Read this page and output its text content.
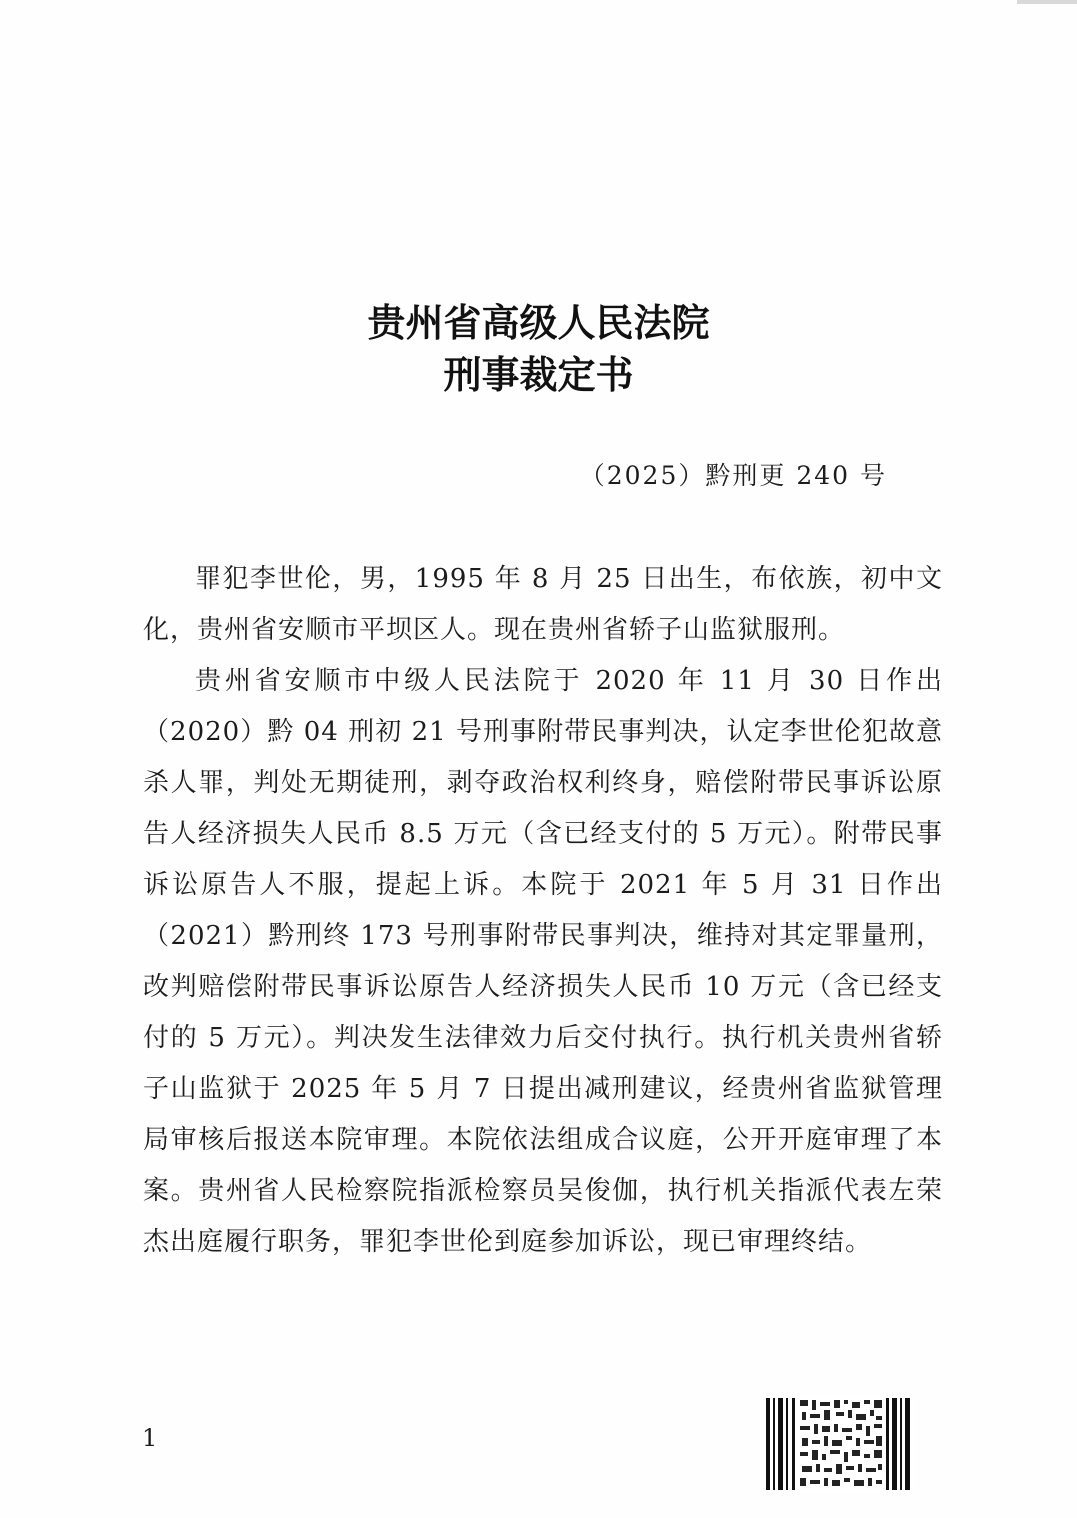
贵州省高级人民法院
刑事裁定书
（2025）黔刑更 240 号

罪犯李世伦，男，1995 年 8 月 25 日出生，布依族，初中文化，贵州省安顺市平坝区人。现在贵州省轿子山监狱服刑。

贵州省安顺市中级人民法院于 2020 年 11 月 30 日作出（2020）黔 04 刑初 21 号刑事附带民事判决，认定李世伦犯故意杀人罪，判处无期徒刑，剥夺政治权利终身，赔偿附带民事诉讼原告人经济损失人民币 8.5 万元（含已经支付的 5 万元）。附带民事诉讼原告人不服，提起上诉。本院于 2021 年 5 月 31 日作出（2021）黔刑终 173 号刑事附带民事判决，维持对其定罪量刑，改判赔偿附带民事诉讼原告人经济损失人民币 10 万元（含已经支付的 5 万元）。判决发生法律效力后交付执行。执行机关贵州省轿子山监狱于 2025 年 5 月 7 日提出减刑建议，经贵州省监狱管理局审核后报送本院审理。本院依法组成合议庭，公开开庭审理了本案。贵州省人民检察院指派检察员吴俊伽，执行机关指派代表左荣杰出庭履行职务，罪犯李世伦到庭参加诉讼，现已审理终结。

1
